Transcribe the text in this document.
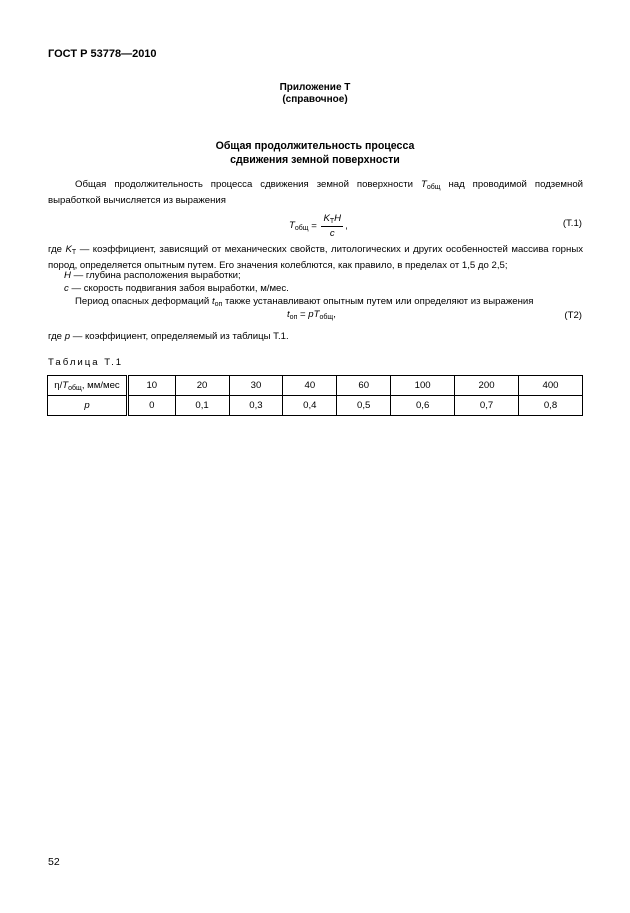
ГОСТ Р 53778—2010
Приложение Т
(справочное)
Общая продолжительность процесса
сдвижения земной поверхности
Общая продолжительность процесса сдвижения земной поверхности $T_{общ}$ над проводимой подземной выработкой вычисляется из выражения
$T_{общ} = \frac{K_TH}{c}$ ,	(Т.1)
где $K_T$ — коэффициент, зависящий от механических свойств, литологических и других особенностей массива горных пород, определяется опытным путем. Его значения колеблются, как правило, в пределах от 1,5 до 2,5;
H — глубина расположения выработки;
c — скорость подвигания забоя выработки, м/мес.
Период опасных деформаций $t_{оп}$ также устанавливают опытным путем или определяют из выражения
$t_{оп} = pT_{общ}$,	(Т2)
где p — коэффициент, определяемый из таблицы Т.1.
Таблица Т.1
$\eta/T_{общ}$, мм/мес	10	20	30	40	60	100	200	400
p	0	0,1	0,3	0,4	0,5	0,6	0,7	0,8
52
